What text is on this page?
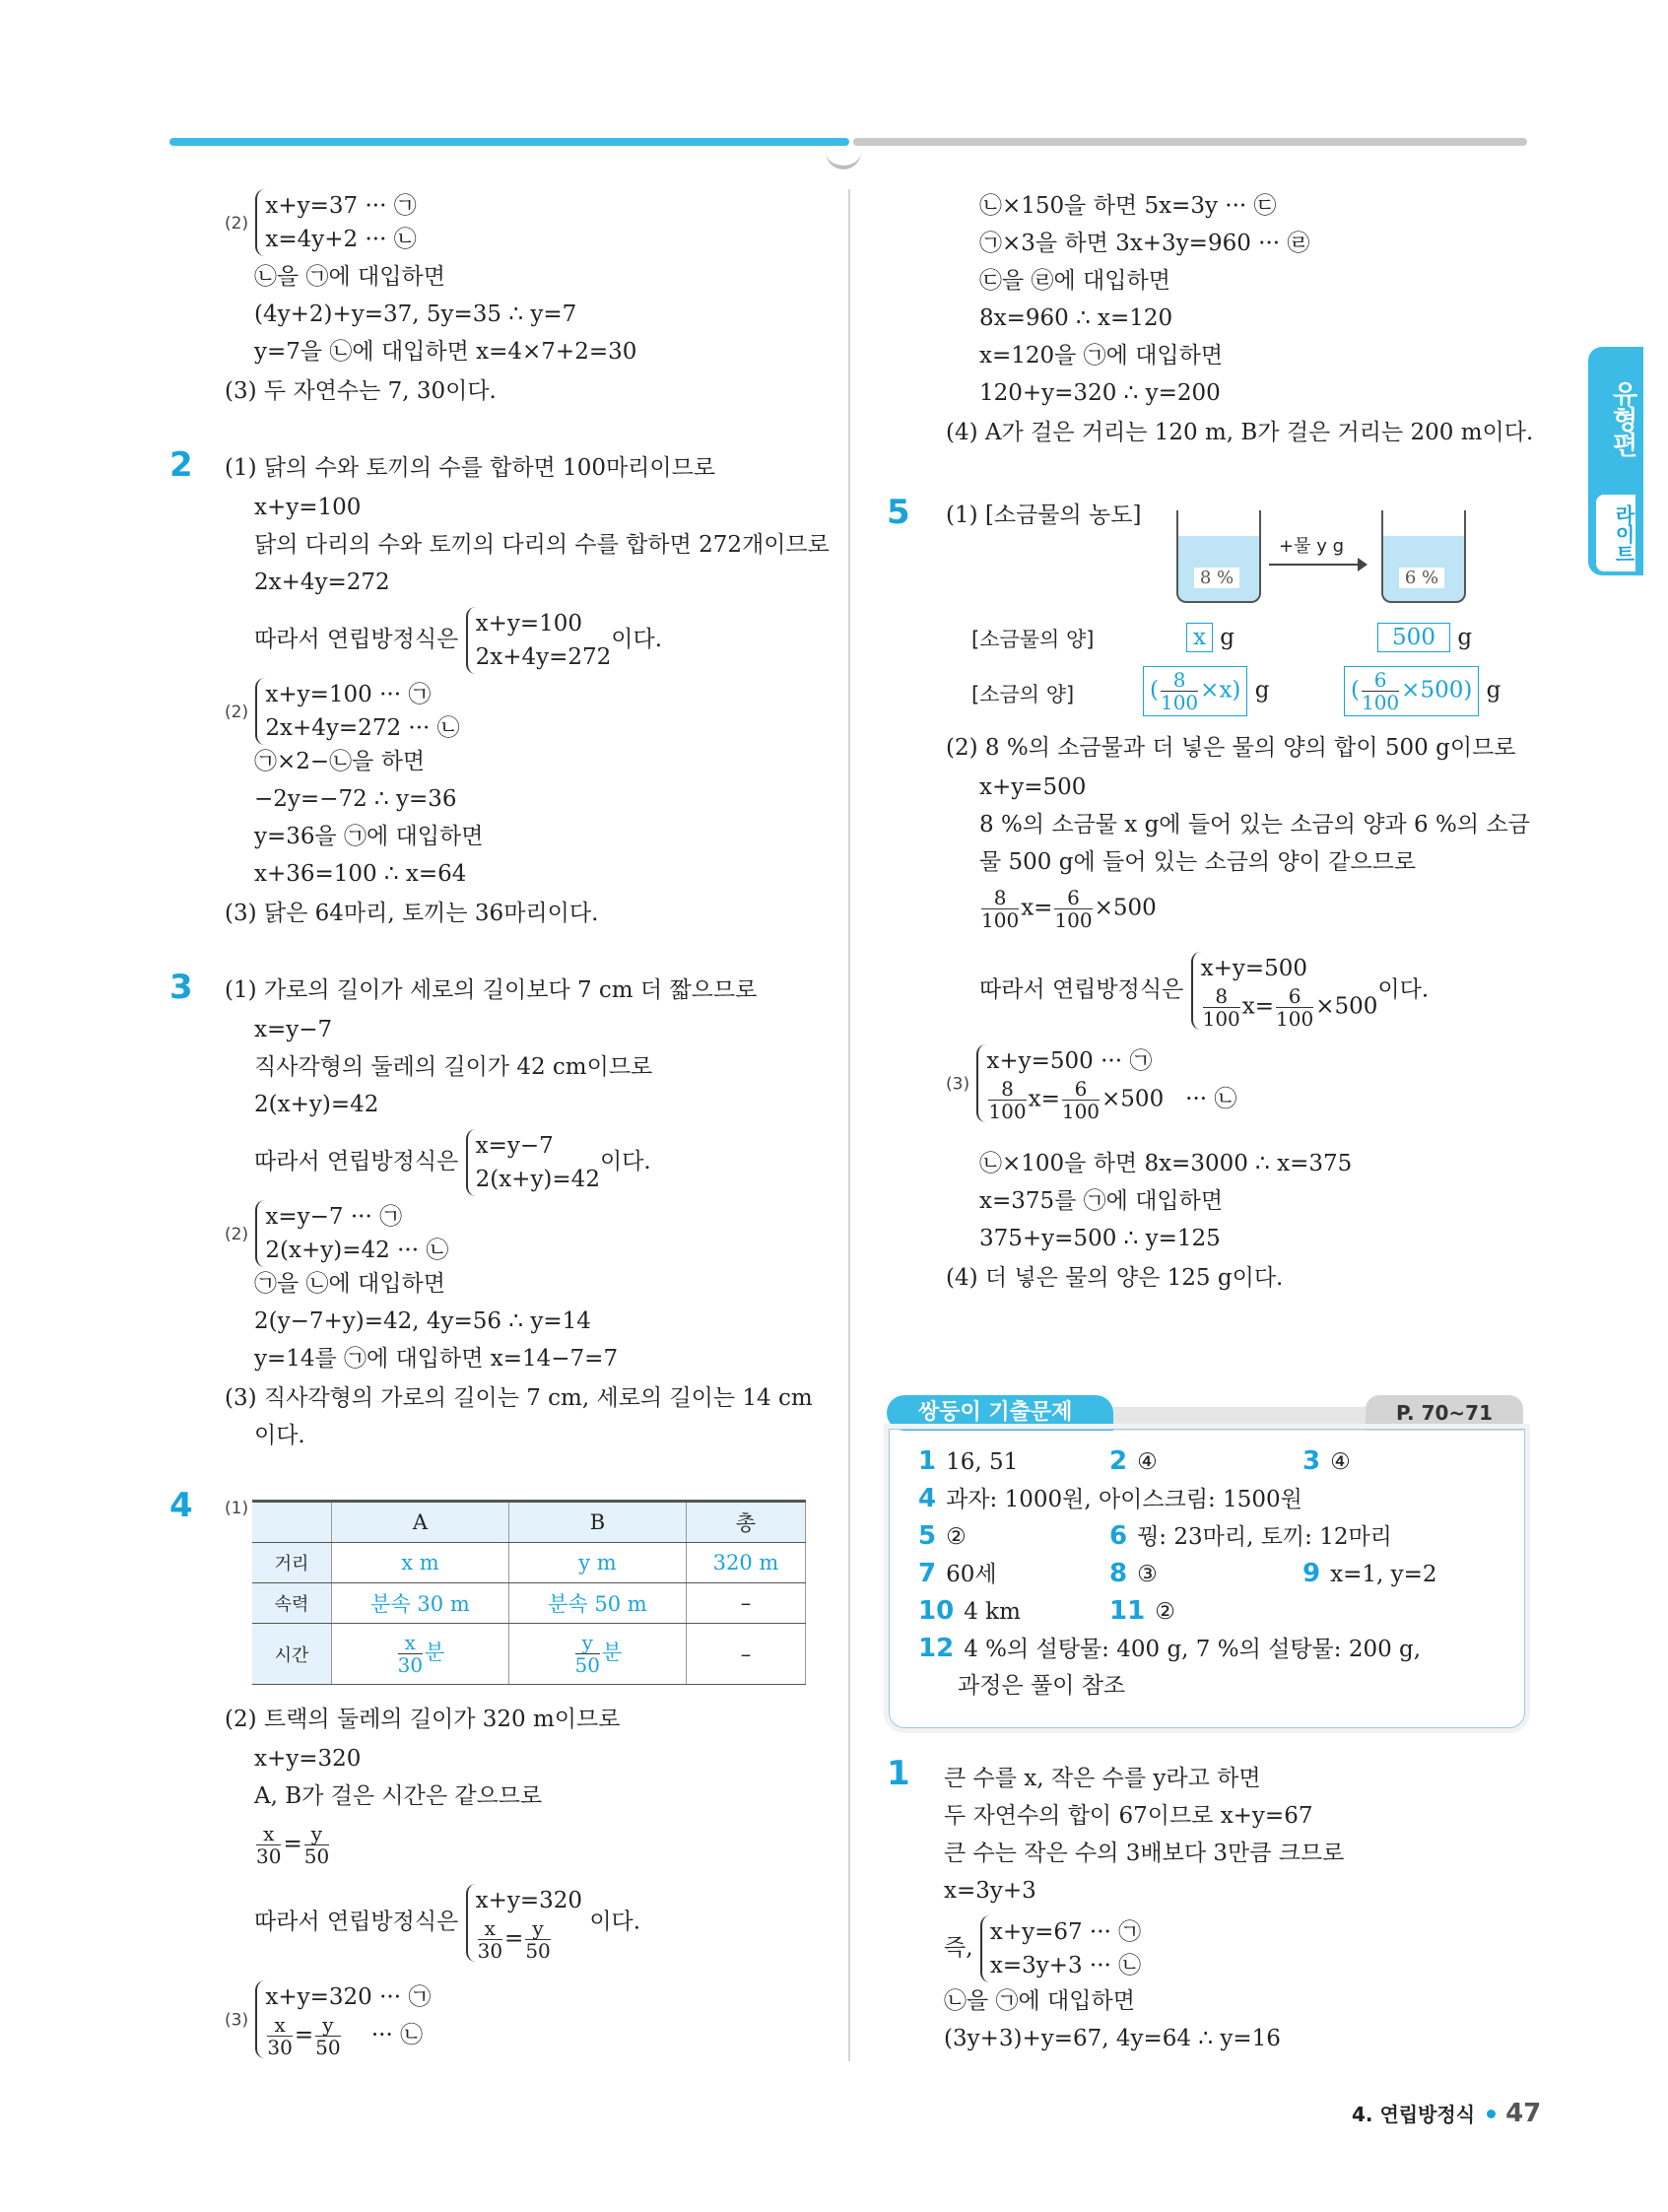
유형편
라이트
(2) x+y=37 ··· ㉠
x=4y+2 ··· ㉡
㉡을 ㉠에 대입하면
(4y+2)+y=37, 5y=35 ∴ y=7
y=7을 ㉡에 대입하면 x=4×7+2=30
(3) 두 자연수는 7, 30이다.
2 (1) 닭의 수와 토끼의 수를 합하면 100마리이므로
x+y=100
닭의 다리의 수와 토끼의 다리의 수를 합하면 272개이므로
2x+4y=272
따라서 연립방정식은 x+y=100
2x+4y=272이다.
(2) x+y=100 ··· ㉠
2x+4y=272 ··· ㉡
㉠×2−㉡을 하면
−2y=−72 ∴ y=36
y=36을 ㉠에 대입하면
x+36=100 ∴ x=64
(3) 닭은 64마리, 토끼는 36마리이다.
3 (1) 가로의 길이가 세로의 길이보다 7 cm 더 짧으므로
x=y−7
직사각형의 둘레의 길이가 42 cm이므로
2(x+y)=42
따라서 연립방정식은 x=y−7
2(x+y)=42이다.
(2) x=y−7 ··· ㉠
2(x+y)=42 ··· ㉡
㉠을 ㉡에 대입하면
2(y−7+y)=42, 4y=56 ∴ y=14
y=14를 ㉠에 대입하면 x=14−7=7
(3) 직사각형의 가로의 길이는 7 cm, 세로의 길이는 14 cm
이다.
4 (1)
	A	B	총
거리	x m	y m	320 m
속력	분속 30 m	분속 50 m	–
시간	$\frac{x}{30}$ 분	$\frac{y}{50}$ 분	–
(2) 트랙의 둘레의 길이가 320 m이므로
x+y=320
A, B가 걸은 시간은 같으므로
$\frac{x}{30} = \frac{y}{50}$
따라서 연립방정식은 x+y=320

$\frac{x}{30} = \frac{y}{50}$ 이다.
(3) x+y=320 ··· ㉠

$\frac{x}{30} = \frac{y}{50}$ ··· ㉡
㉡×150을 하면 5x=3y ··· ㉢
㉠×3을 하면 3x+3y=960 ··· ㉣
㉢을 ㉣에 대입하면
8x=960 ∴ x=120
x=120을 ㉠에 대입하면
120+y=320 ∴ y=200
(4) A가 걸은 거리는 120 m, B가 걸은 거리는 200 m이다.
5 (1) [소금물의 농도]
8 %
+물 y g
6 %
[소금물의 양]	x g	500 g
[소금의 양]	( $\frac{8}{100} \times x$) g	( $\frac{6}{100} \times 500$) g
(2) 8 %의 소금물과 더 넣은 물의 양의 합이 500 g이므로
x+y=500
8 %의 소금물 x g에 들어 있는 소금의 양과 6 %의 소금
물 500 g에 들어 있는 소금의 양이 같으므로
$\frac{8}{100} x= \frac{6}{100} \times 500$
따라서 연립방정식은 x+y=500

$\frac{8}{100} x= \frac{6}{100} \times 500$이다.
(3) x+y=500 ··· ㉠

$\frac{8}{100} x= \frac{6}{100} \times 500$ ··· ㉡
㉡×100을 하면 8x=3000 ∴ x=375
x=375를 ㉠에 대입하면
375+y=500 ∴ y=125
(4) 더 넣은 물의 양은 125 g이다.
쌍둥이 기출문제	P. 70~71
1 16, 51	2 ④	3 ④
4 과자: 1000원, 아이스크림: 1500원
5 ②	6 꿩: 23마리, 토끼: 12마리
7 60세	8 ③	9 x=1, y=2
10 4 km	11 ②
12 4 %의 설탕물: 400 g, 7 %의 설탕물: 200 g,
과정은 풀이 참조
1 큰 수를 x, 작은 수를 y라고 하면
두 자연수의 합이 67이므로 x+y=67
큰 수는 작은 수의 3배보다 3만큼 크므로
x=3y+3
즉, x+y=67 ··· ㉠
x=3y+3 ··· ㉡
㉡을 ㉠에 대입하면
(3y+3)+y=67, 4y=64 ∴ y=16
4. 연립방정식 47
